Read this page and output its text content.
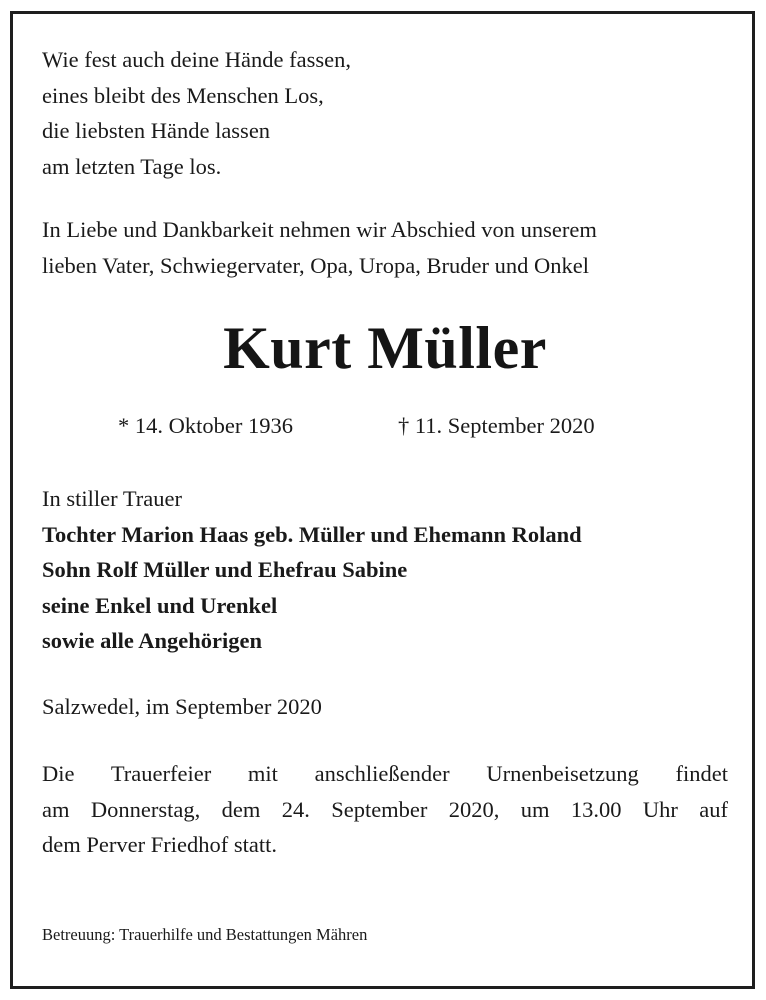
Wie fest auch deine Hände fassen,
eines bleibt des Menschen Los,
die liebsten Hände lassen
am letzten Tage los.
In Liebe und Dankbarkeit nehmen wir Abschied von unserem
lieben Vater, Schwiegervater, Opa, Uropa, Bruder und Onkel
Kurt Müller
* 14. Oktober 1936	† 11. September 2020
In stiller Trauer
Tochter Marion Haas geb. Müller und Ehemann Roland
Sohn Rolf Müller und Ehefrau Sabine
seine Enkel und Urenkel
sowie alle Angehörigen
Salzwedel, im September 2020
Die Trauerfeier mit anschließender Urnenbeisetzung findet
am Donnerstag, dem 24. September 2020, um 13.00 Uhr auf
dem Perver Friedhof statt.
Betreuung: Trauerhilfe und Bestattungen Mähren
